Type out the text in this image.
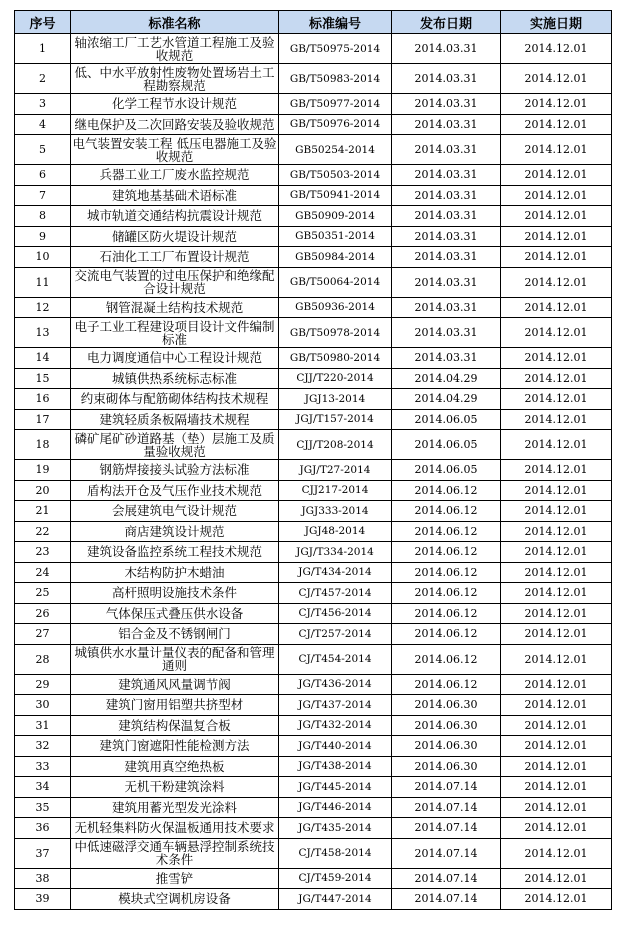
序号	标准名称	标准编号	发布日期	实施日期
1	轴浓缩工厂工艺水管道工程施工及验收规范	GB/T50975-2014	2014.03.31	2014.12.01
2	低、中水平放射性废物处置场岩土工程勘察规范	GB/T50983-2014	2014.03.31	2014.12.01
3	化学工程节水设计规范	GB/T50977-2014	2014.03.31	2014.12.01
4	继电保护及二次回路安装及验收规范	GB/T50976-2014	2014.03.31	2014.12.01
5	电气装置安装工程 低压电器施工及验收规范	GB50254-2014	2014.03.31	2014.12.01
6	兵器工业工厂废水监控规范	GB/T50503-2014	2014.03.31	2014.12.01
7	建筑地基基础术语标准	GB/T50941-2014	2014.03.31	2014.12.01
8	城市轨道交通结构抗震设计规范	GB50909-2014	2014.03.31	2014.12.01
9	储罐区防火堤设计规范	GB50351-2014	2014.03.31	2014.12.01
10	石油化工工厂布置设计规范	GB50984-2014	2014.03.31	2014.12.01
11	交流电气装置的过电压保护和绝缘配合设计规范	GB/T50064-2014	2014.03.31	2014.12.01
12	钢管混凝土结构技术规范	GB50936-2014	2014.03.31	2014.12.01
13	电子工业工程建设项目设计文件编制标准	GB/T50978-2014	2014.03.31	2014.12.01
14	电力调度通信中心工程设计规范	GB/T50980-2014	2014.03.31	2014.12.01
15	城镇供热系统标志标准	CJJ/T220-2014	2014.04.29	2014.12.01
16	约束砌体与配筋砌体结构技术规程	JGJ13-2014	2014.04.29	2014.12.01
17	建筑轻质条板隔墙技术规程	JGJ/T157-2014	2014.06.05	2014.12.01
18	磷矿尾矿砂道路基（垫）层施工及质量验收规范	CJJ/T208-2014	2014.06.05	2014.12.01
19	钢筋焊接接头试验方法标准	JGJ/T27-2014	2014.06.05	2014.12.01
20	盾构法开仓及气压作业技术规范	CJJ217-2014	2014.06.12	2014.12.01
21	会展建筑电气设计规范	JGJ333-2014	2014.06.12	2014.12.01
22	商店建筑设计规范	JGJ48-2014	2014.06.12	2014.12.01
23	建筑设备监控系统工程技术规范	JGJ/T334-2014	2014.06.12	2014.12.01
24	木结构防护木蜡油	JG/T434-2014	2014.06.12	2014.12.01
25	高杆照明设施技术条件	CJ/T457-2014	2014.06.12	2014.12.01
26	气体保压式叠压供水设备	CJ/T456-2014	2014.06.12	2014.12.01
27	铝合金及不锈钢闸门	CJ/T257-2014	2014.06.12	2014.12.01
28	城镇供水水量计量仪表的配备和管理通则	CJ/T454-2014	2014.06.12	2014.12.01
29	建筑通风风量调节阀	JG/T436-2014	2014.06.12	2014.12.01
30	建筑门窗用铝塑共挤型材	JG/T437-2014	2014.06.30	2014.12.01
31	建筑结构保温复合板	JG/T432-2014	2014.06.30	2014.12.01
32	建筑门窗遮阳性能检测方法	JG/T440-2014	2014.06.30	2014.12.01
33	建筑用真空绝热板	JG/T438-2014	2014.06.30	2014.12.01
34	无机干粉建筑涂料	JG/T445-2014	2014.07.14	2014.12.01
35	建筑用蓄光型发光涂料	JG/T446-2014	2014.07.14	2014.12.01
36	无机轻集料防火保温板通用技术要求	JG/T435-2014	2014.07.14	2014.12.01
37	中低速磁浮交通车辆悬浮控制系统技术条件	CJ/T458-2014	2014.07.14	2014.12.01
38	推雪铲	CJ/T459-2014	2014.07.14	2014.12.01
39	模块式空调机房设备	JG/T447-2014	2014.07.14	2014.12.01
